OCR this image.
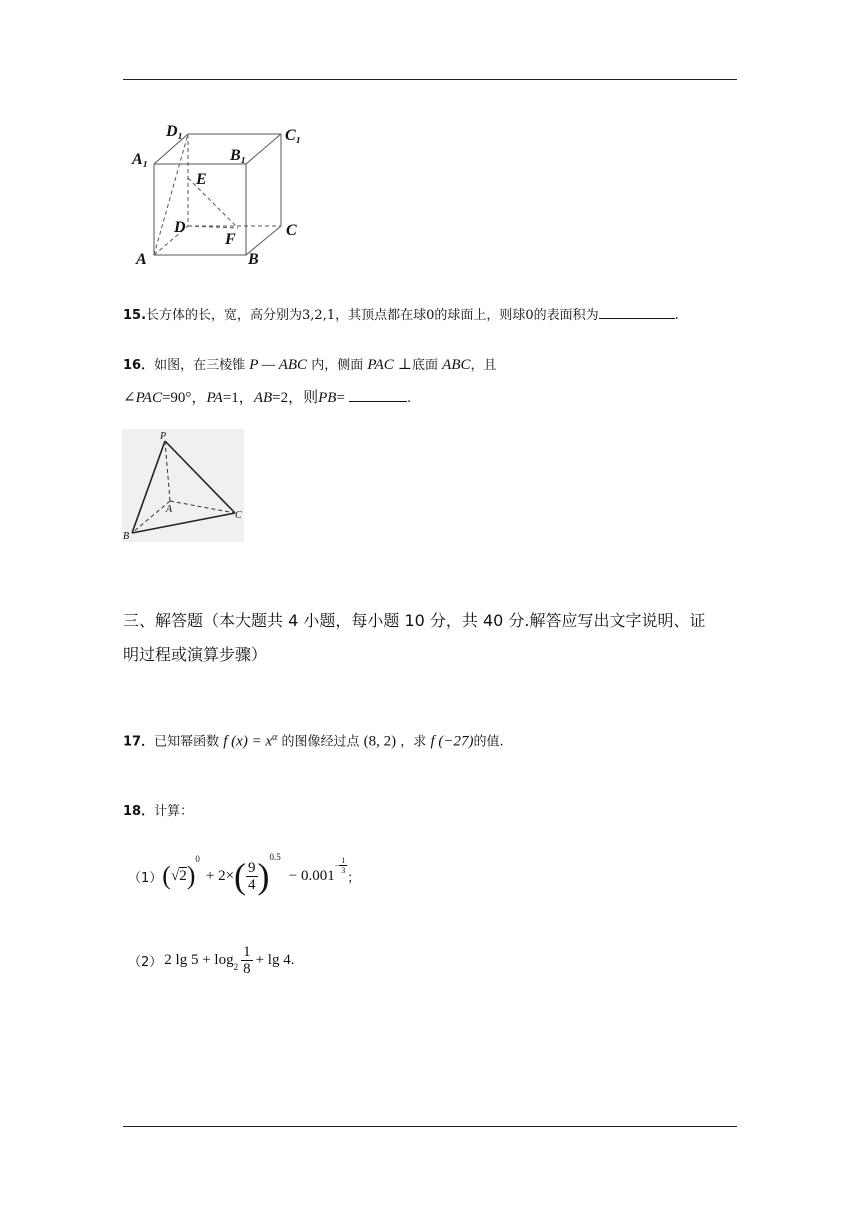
D₁	C₁
A₁	B₁
E
D
F
C
A	B
15.长方体的长，宽，高分别为3,2,1，其顶点都在球0的球面上，则球0的表面积为	.
16．如图，在三棱锥 P — ABC 内，侧面 PAC ⊥底面 ABC，且
∠PAC=90°，PA=1，AB=2，则PB=	.
P
A
B
C
三、解答题（本大题共 4 小题，每小题 10 分，共 40 分.解答应写出文字说明、证
明过程或演算步骤）
17．已知幂函数 f $(x) = x^\alpha$ 的图像经过点 (8, 2) ，求 f (−27)的值.
18．计算：
（1） ( √ 2 )
$^0$
+ 2× ( $\frac{9}{4} )^{0.5}$
− 0.001
− $\frac{1}{3}$
；
（2） 2 $\lg 5 + \log_2 \frac{1}{8} + \lg 4$ .
